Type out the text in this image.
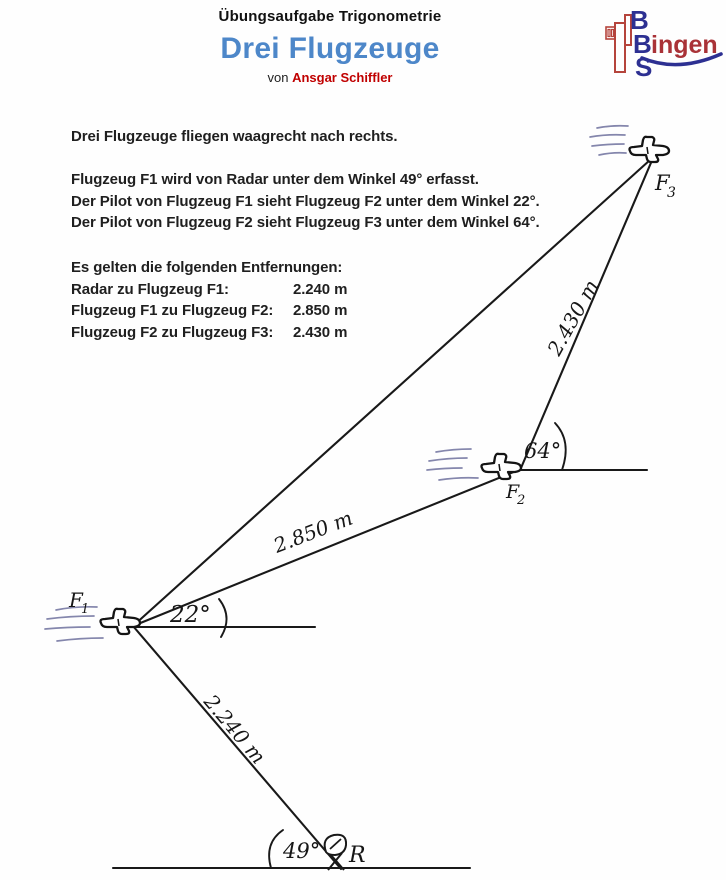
Übungsaufgabe Trigonometrie
Drei Flugzeuge
von Ansgar Schiffler
B
B
S
ingen
Drei Flugzeuge fliegen waagrecht nach rechts.
Flugzeug F1 wird von Radar unter dem Winkel 49° erfasst.
Der Pilot von Flugzeug F1 sieht Flugzeug F2 unter dem Winkel 22°.
Der Pilot von Flugzeug F2 sieht Flugzeug F3 unter dem Winkel 64°.
Es gelten die folgenden Entfernungen:
Radar zu Flugzeug F1:	2.240 m
Flugzeug F1 zu Flugzeug F2:	2.850 m
Flugzeug F2 zu Flugzeug F3:	2.430 m
22°
64°
49°
2.850 m
2.430 m
2.240 m
F
1
F
2
F
3
R
